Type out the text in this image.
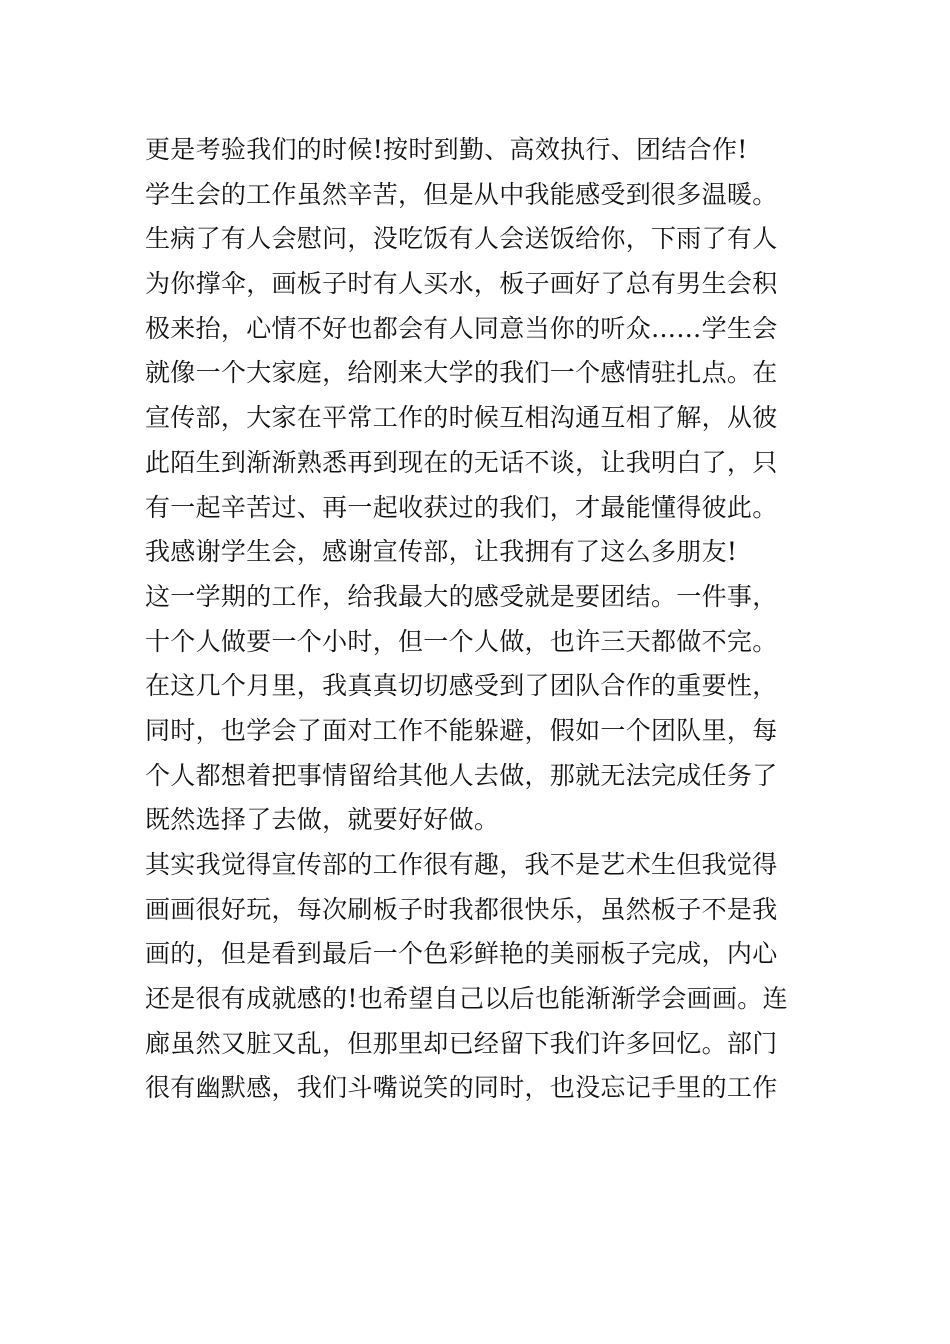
更是考验我们的时候!按时到勤、高效执行、团结合作!
学生会的工作虽然辛苦，但是从中我能感受到很多温暖。
生病了有人会慰问，没吃饭有人会送饭给你，下雨了有人
为你撑伞，画板子时有人买水，板子画好了总有男生会积
极来抬，心情不好也都会有人同意当你的听众……学生会
就像一个大家庭，给刚来大学的我们一个感情驻扎点。在
宣传部，大家在平常工作的时候互相沟通互相了解，从彼
此陌生到渐渐熟悉再到现在的无话不谈，让我明白了，只
有一起辛苦过、再一起收获过的我们，才最能懂得彼此。
我感谢学生会，感谢宣传部，让我拥有了这么多朋友!
这一学期的工作，给我最大的感受就是要团结。一件事，
十个人做要一个小时，但一个人做，也许三天都做不完。
在这几个月里，我真真切切感受到了团队合作的重要性，
同时，也学会了面对工作不能躲避，假如一个团队里，每
个人都想着把事情留给其他人去做，那就无法完成任务了
既然选择了去做，就要好好做。
其实我觉得宣传部的工作很有趣，我不是艺术生但我觉得
画画很好玩，每次刷板子时我都很快乐，虽然板子不是我
画的，但是看到最后一个色彩鲜艳的美丽板子完成，内心
还是很有成就感的!也希望自己以后也能渐渐学会画画。连
廊虽然又脏又乱，但那里却已经留下我们许多回忆。部门
很有幽默感，我们斗嘴说笑的同时，也没忘记手里的工作
